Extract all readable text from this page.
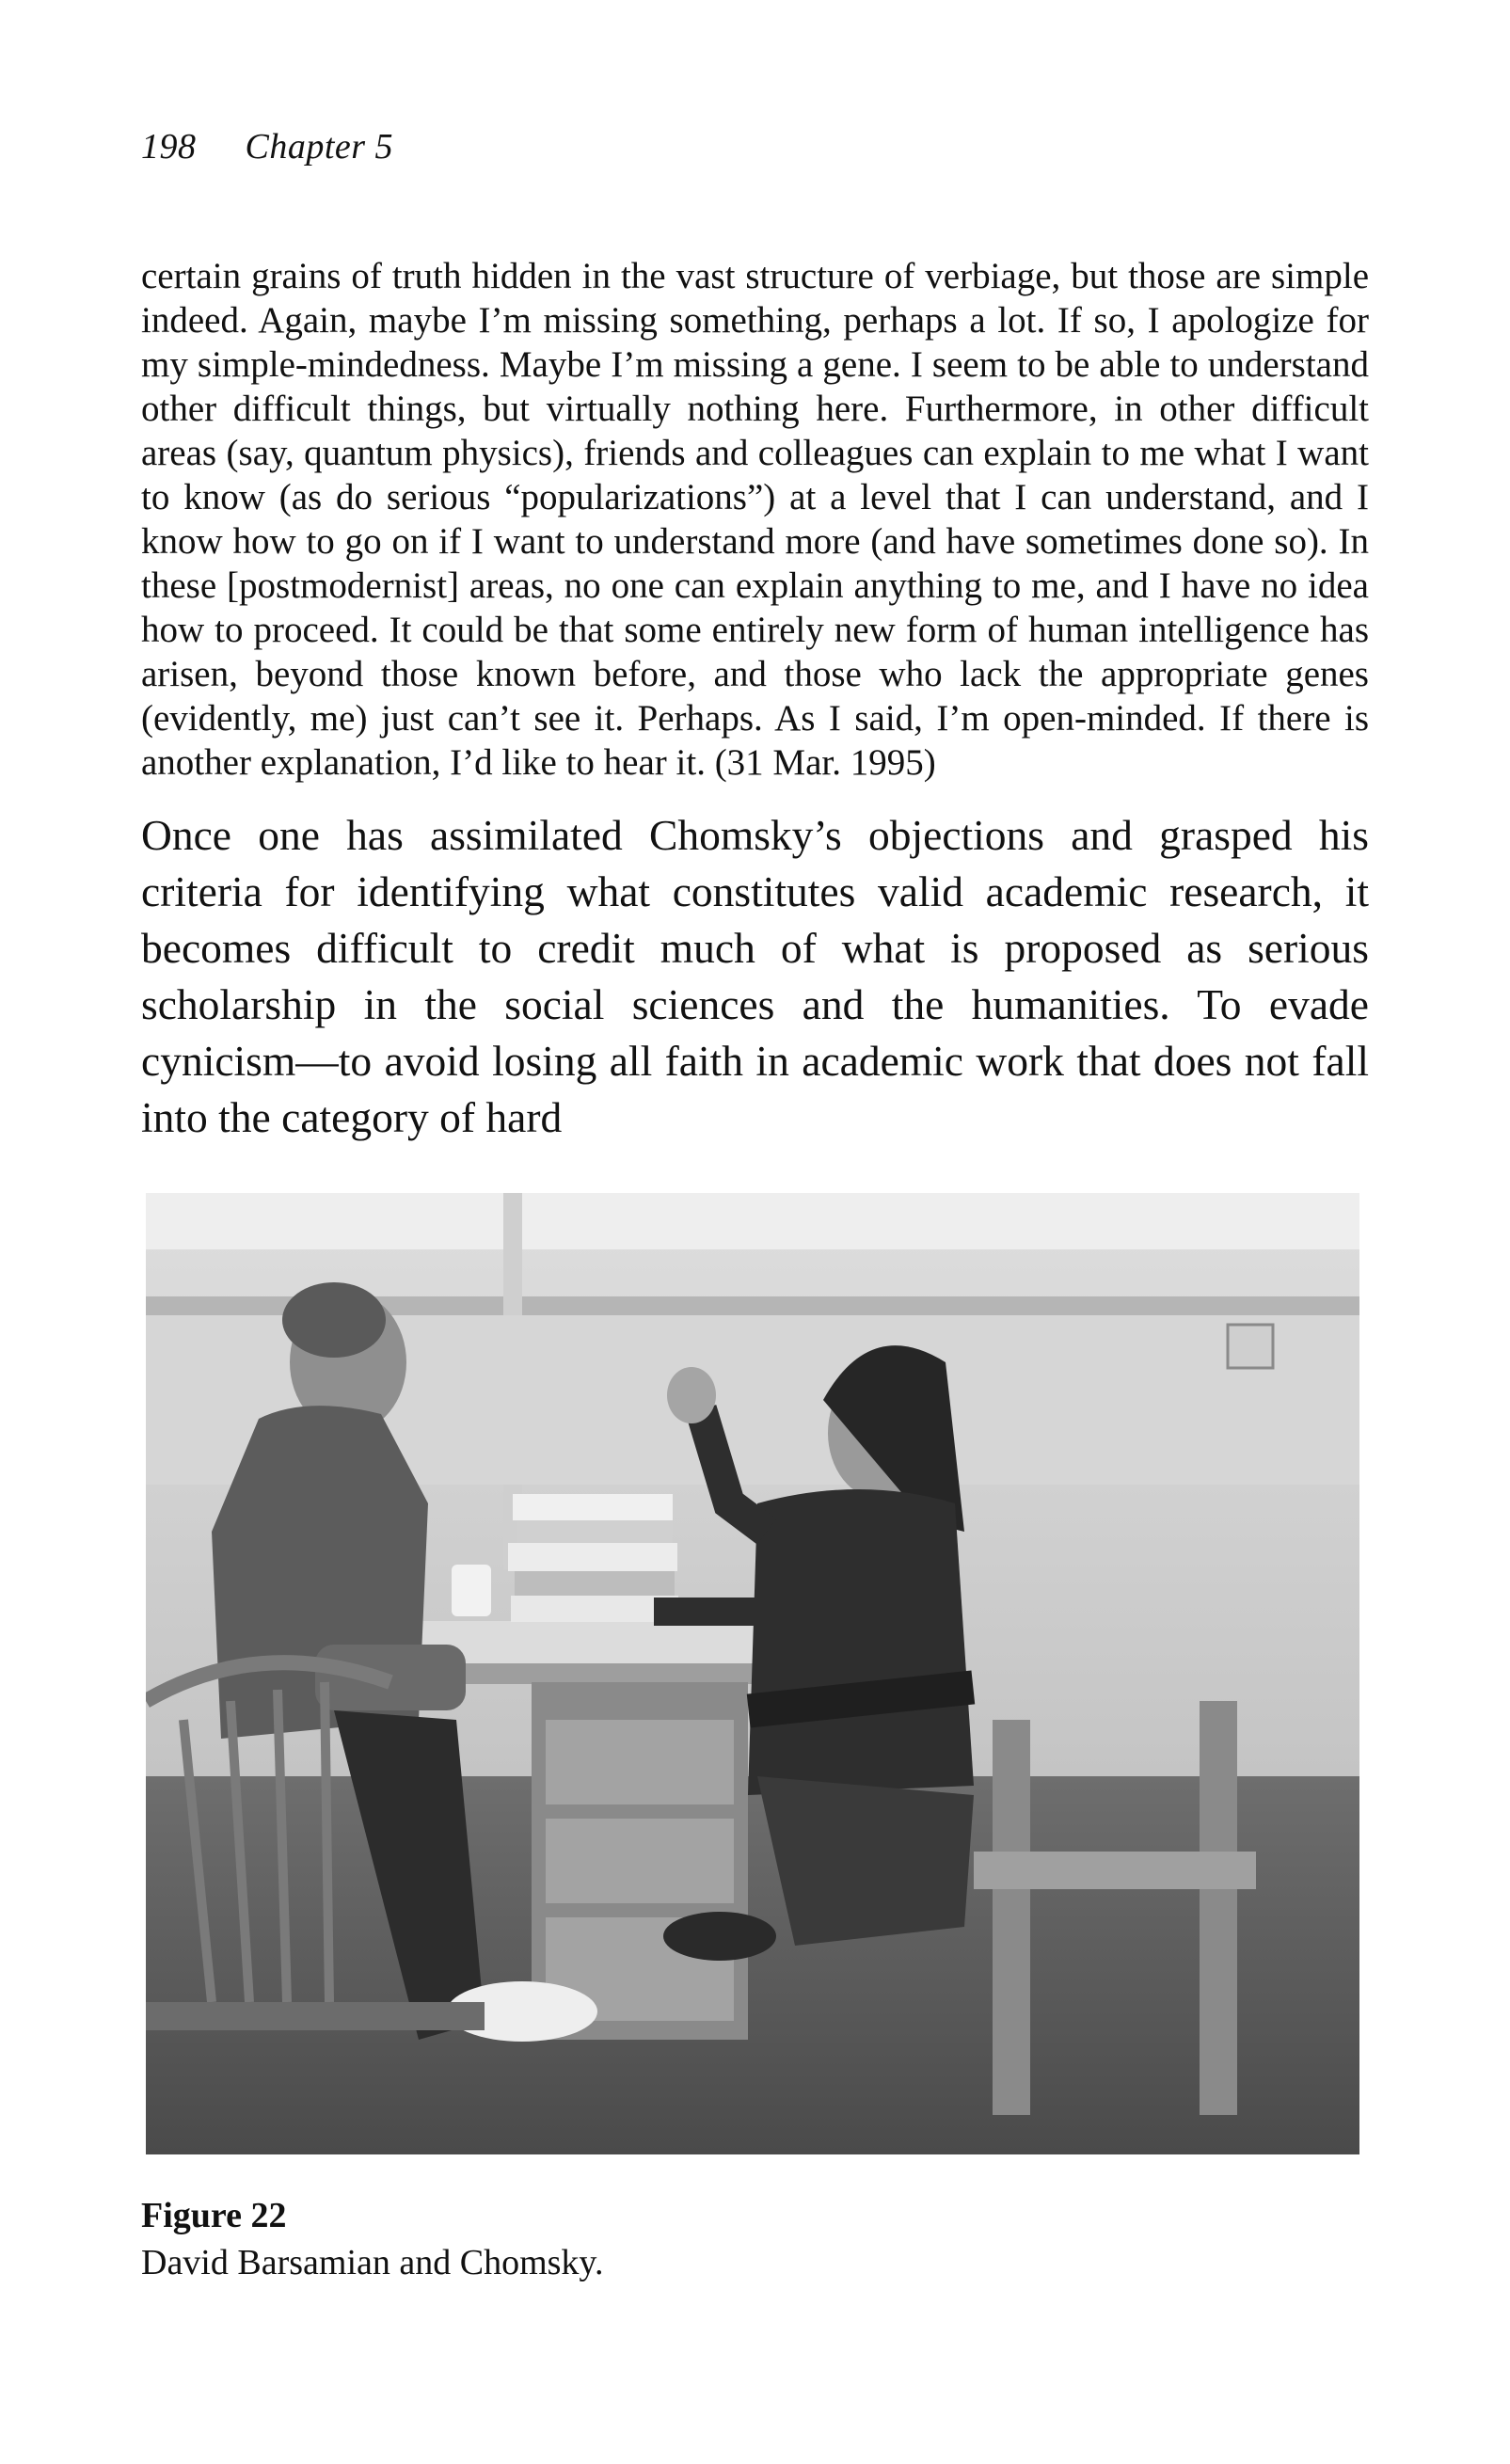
198 Chapter 5

certain grains of truth hidden in the vast structure of verbiage, but those are simple indeed. Again, maybe I’m missing something, perhaps a lot. If so, I apologize for my simple-mindedness. Maybe I’m missing a gene. I seem to be able to understand other difficult things, but virtually nothing here. Furthermore, in other difficult areas (say, quantum physics), friends and colleagues can explain to me what I want to know (as do serious “popularizations”) at a level that I can understand, and I know how to go on if I want to understand more (and have sometimes done so). In these [postmodernist] areas, no one can explain anything to me, and I have no idea how to proceed. It could be that some entirely new form of human intelligence has arisen, beyond those known before, and those who lack the appropriate genes (evidently, me) just can’t see it. Perhaps. As I said, I’m open-minded. If there is another explanation, I’d like to hear it. (31 Mar. 1995)

Once one has assimilated Chomsky’s objections and grasped his criteria for identifying what constitutes valid academic research, it becomes difficult to credit much of what is proposed as serious scholarship in the social sciences and the humanities. To evade cynicism—to avoid losing all faith in academic work that does not fall into the category of hard

Figure 22
David Barsamian and Chomsky.
